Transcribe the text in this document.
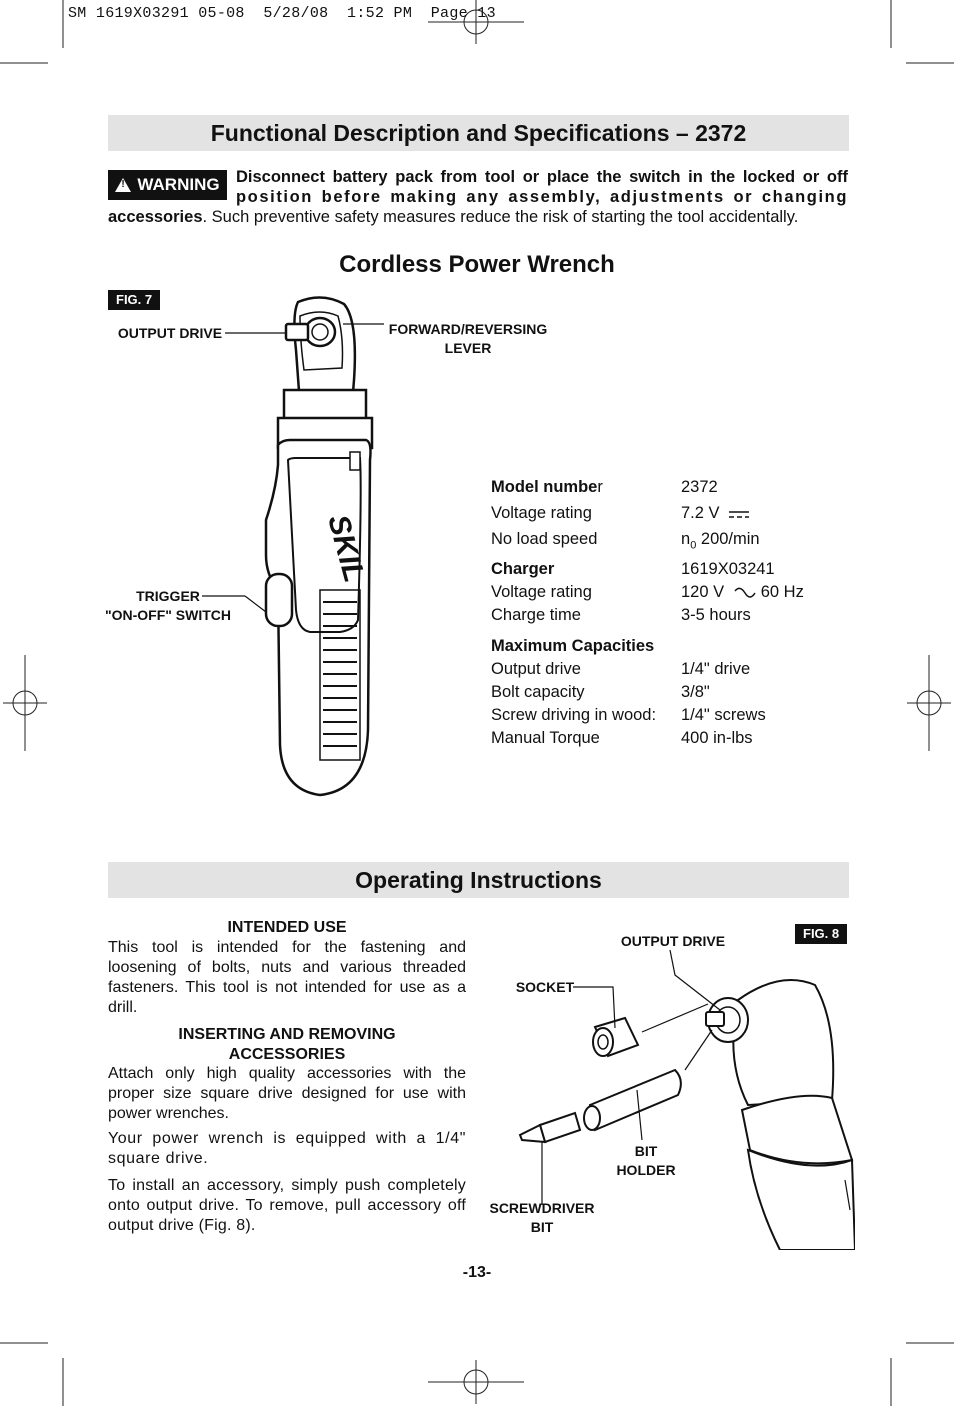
SM 1619X03291 05-08  5/28/08  1:52 PM  Page 13
Functional Description and Specifications – 2372
!
WARNING Disconnect battery pack from tool or place the switch in the locked or off
position before making any assembly, adjustments or changing
accessories. Such preventive safety measures reduce the risk of starting the tool accidentally.
Cordless Power Wrench
FIG. 7
SKIL
OUTPUT DRIVE	FORWARD/REVERSING
LEVER
TRIGGER
"ON-OFF" SWITCH
Model number	2372
Voltage rating	7.2 V
No load speed	$n_0$ 200/min
Charger	1619X03241
Voltage rating	120 V 60 Hz
Charge time	3-5 hours
Maximum Capacities
Output drive	1/4" drive
Bolt capacity	3/8"
Screw driving in wood: 1/4" screws
Manual Torque	400 in-lbs
Operating Instructions
INTENDED USE
This tool is intended for the fastening and loosening of bolts, nuts and various threaded fasteners. This tool is not intended for use as a drill.
INSERTING AND REMOVING
ACCESSORIES
Attach only high quality accessories with the proper size square drive designed for use with power wrenches.
Your power wrench is equipped with a 1/4" square drive.
To install an accessory, simply push completely onto output drive. To remove, pull accessory off output drive (Fig. 8).
FIG. 8
OUTPUT DRIVE
SOCKET
BIT
HOLDER
SCREWDRIVER
BIT
-13-
